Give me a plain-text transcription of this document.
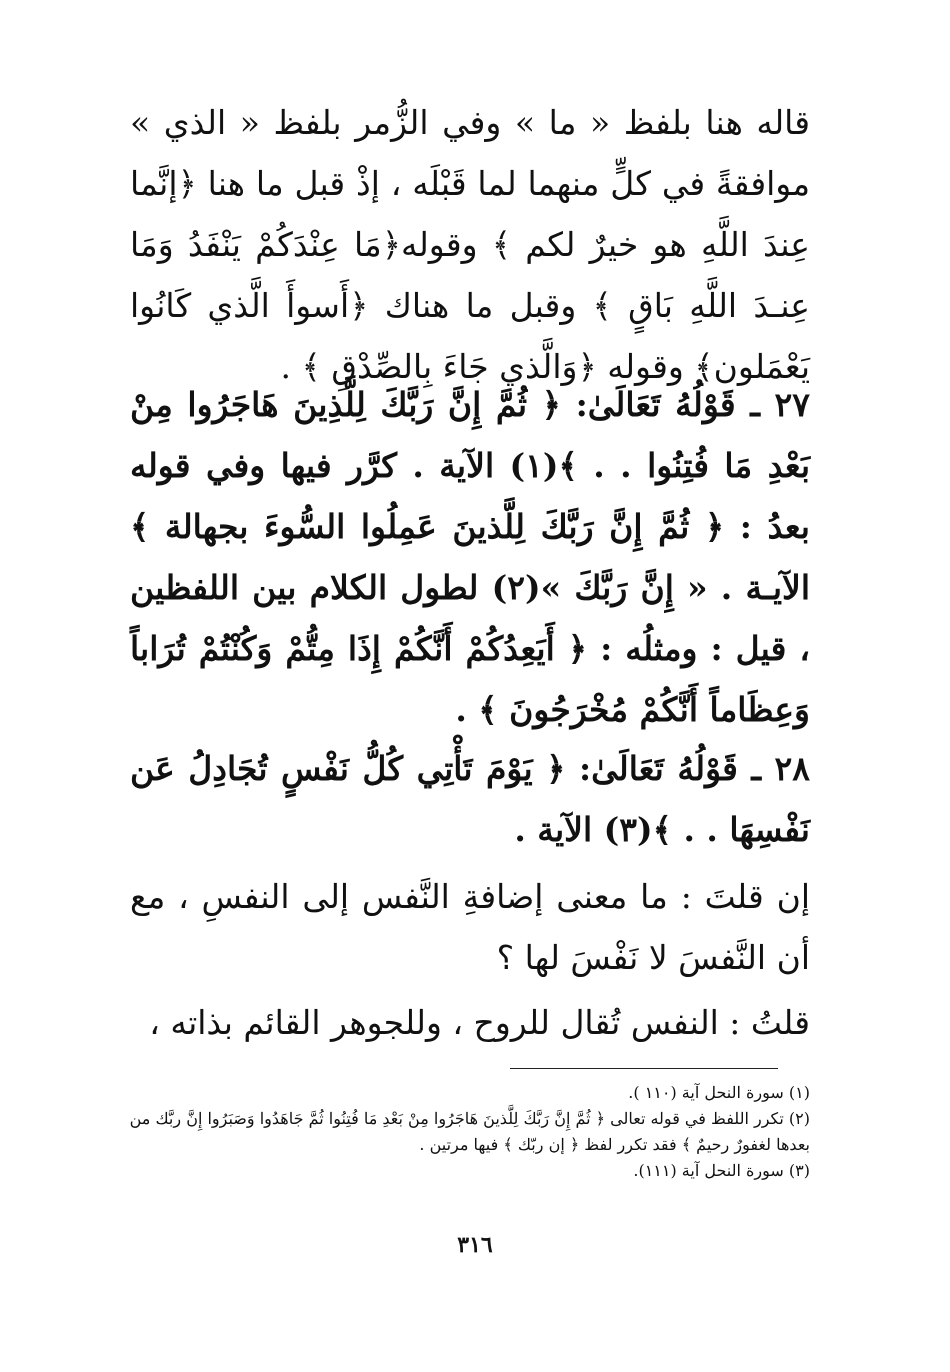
قاله هنا بلفظ « ما » وفي الزُّمر بلفظ « الذي » موافقةً في كلٍّ منهما لما قَبْلَه ، إذْ قبل ما هنا ﴿إنَّما عِندَ اللَّهِ هو خيرٌ لكم ﴾ وقوله﴿مَا عِنْدَكُمْ يَنْفَدُ وَمَا عِنـدَ اللَّهِ بَاقٍ ﴾ وقبل ما هناك ﴿أَسوأَ الَّذي كَانُوا يَعْمَلون﴾ وقوله ﴿وَالَّذي جَاءَ بِالصِّدْقِ ﴾ .

٢٧ ـ قَوْلُهُ تَعَالَىٰ: ﴿ ثُمَّ إِنَّ رَبَّكَ لِلَّذِينَ هَاجَرُوا مِنْ بَعْدِ مَا فُتِنُوا . . ﴾(١) الآية . كرَّر فيها وفي قوله بعدُ : ﴿ ثُمَّ إِنَّ رَبَّكَ لِلَّذينَ عَمِلُوا السُّوءَ بجهالة ﴾ الآيـة . « إِنَّ رَبَّكَ »(٢) لطول الكلام بين اللفظين ، قيل : ومثلُه : ﴿ أَيَعِدُكُمْ أَنَّكُمْ إِذَا مِتُّمْ وَكُنْتُمْ تُرَاباً وَعِظَاماً أَنَّكُمْ مُخْرَجُونَ ﴾ .

٢٨ ـ قَوْلُهُ تَعَالَىٰ: ﴿ يَوْمَ تَأْتِي كُلُّ نَفْسٍ تُجَادِلُ عَن نَفْسِهَا . . ﴾(٣) الآية .

إن قلتَ : ما معنى إضافةِ النَّفس إلى النفسِ ، مع أن النَّفسَ لا نَفْسَ لها ؟

قلتُ : النفس تُقال للروح ، وللجوهر القائم بذاته ،

(١) سورة النحل آية (١١٠ ).

(٢) تكرر اللفظ في قوله تعالى ﴿ ثُمَّ إِنَّ رَبَّكَ لِلَّذينَ هَاجَرُوا مِنْ بَعْدِ مَا فُتِنُوا ثُمَّ جَاهَدُوا وَصَبَرُوا إِنَّ ربَّك من بعدها لغفورٌ رحيمٌ ﴾ فقد تكرر لفظ ﴿ إن ربّك ﴾ فيها مرتين .

(٣) سورة النحل آية (١١١).

٣١٦
